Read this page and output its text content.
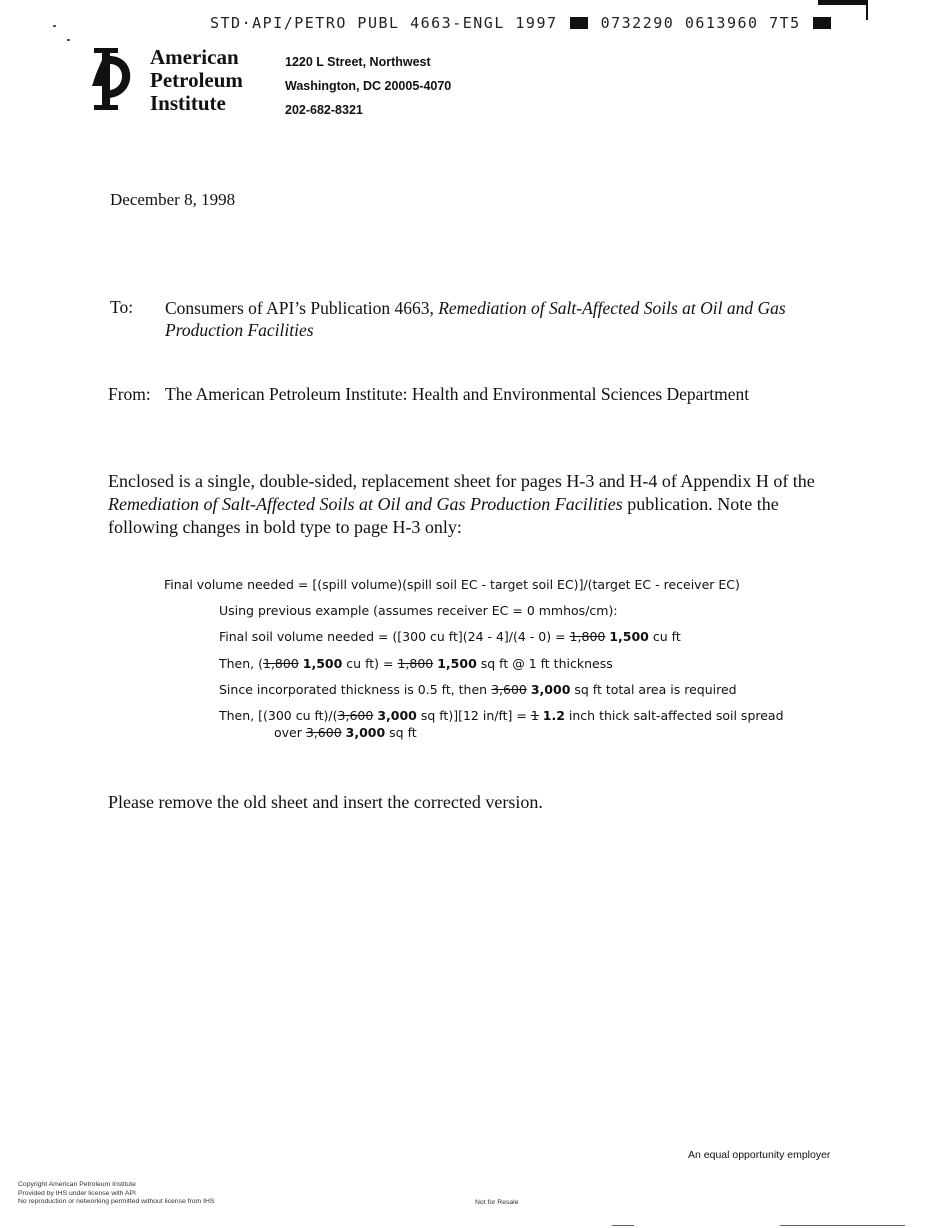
STD·API/PETRO PUBL 4663-ENGL 1997	0732290 0613960 7T5
American
Petroleum
Institute
1220 L Street, Northwest
Washington, DC 20005-4070
202-682-8321
December 8, 1998
To: Consumers of API’s Publication 4663, Remediation of Salt-Affected Soils at Oil and Gas Production Facilities
From: The American Petroleum Institute: Health and Environmental Sciences Department
Enclosed is a single, double-sided, replacement sheet for pages H-3 and H-4 of Appendix H of the Remediation of Salt-Affected Soils at Oil and Gas Production Facilities publication. Note the following changes in bold type to page H-3 only:
Final volume needed = [(spill volume)(spill soil EC - target soil EC)]/(target EC - receiver EC)
Using previous example (assumes receiver EC = 0 mmhos/cm):
Final soil volume needed = ([300 cu ft](24 - 4]/(4 - 0) = 1,800 1,500 cu ft
Then, (1,800 1,500 cu ft) = 1,800 1,500 sq ft @ 1 ft thickness
Since incorporated thickness is 0.5 ft, then 3,600 3,000 sq ft total area is required
Then, [(300 cu ft)/(3,600 3,000 sq ft)][12 in/ft] = 1 1.2 inch thick salt-affected soil spread
over 3,600 3,000 sq ft
Please remove the old sheet and insert the corrected version.
An equal opportunity employer
Copyright American Petroleum Institute
Provided by IHS under license with API
No reproduction or networking permitted without license from IHS	Not for Resale
